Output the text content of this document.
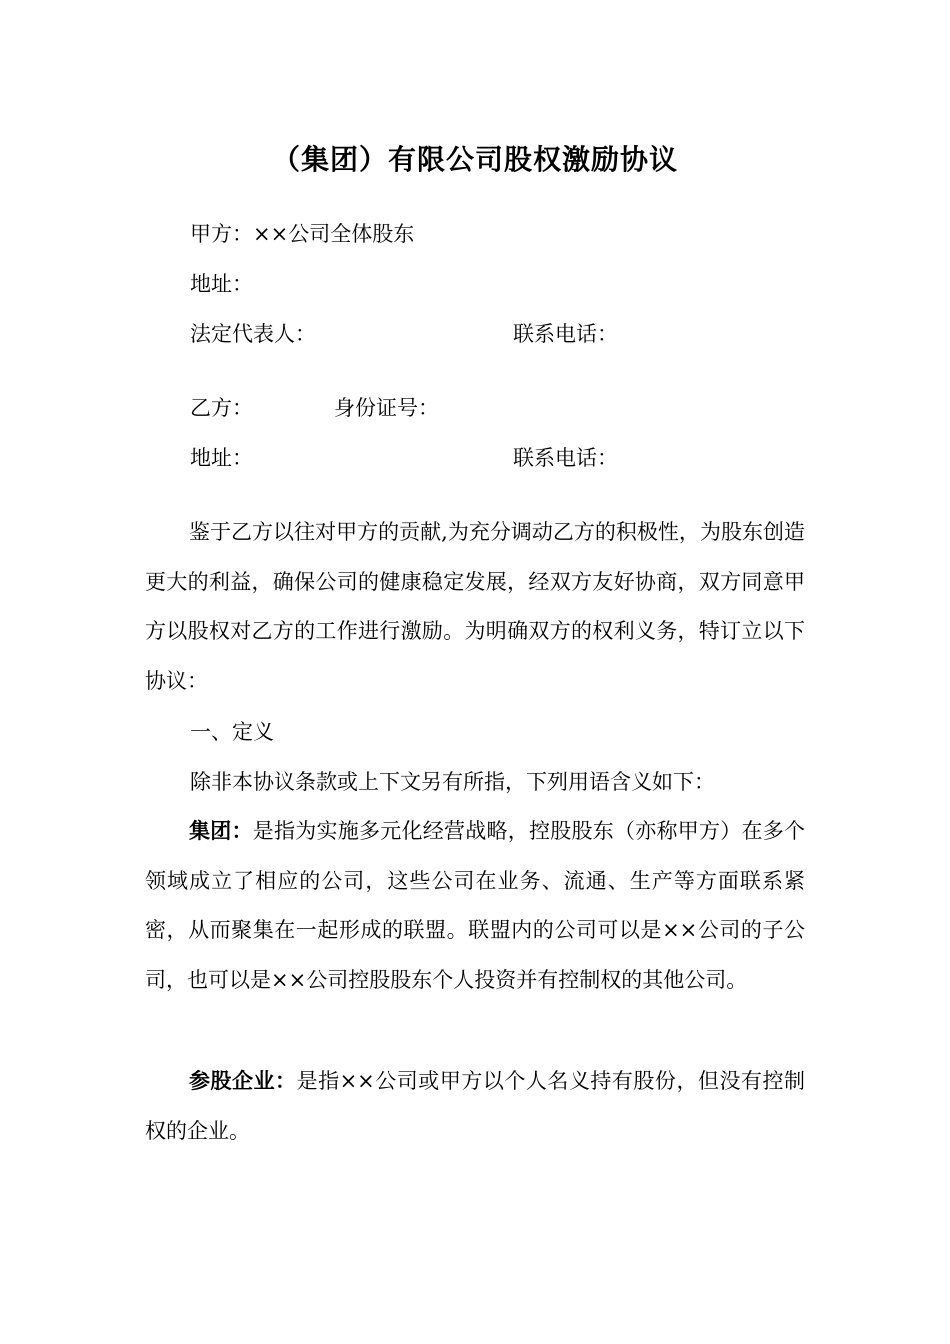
（集团）有限公司股权激励协议
甲方：××公司全体股东
地址：
法定代表人：	联系电话：
乙方：	身份证号：
地址：	联系电话：
鉴于乙方以往对甲方的贡献,为充分调动乙方的积极性，为股东创造更大的利益，确保公司的健康稳定发展，经双方友好协商，双方同意甲方以股权对乙方的工作进行激励。为明确双方的权利义务，特订立以下协议：
一、定义
除非本协议条款或上下文另有所指，下列用语含义如下：
集团：是指为实施多元化经营战略，控股股东（亦称甲方）在多个领域成立了相应的公司，这些公司在业务、流通、生产等方面联系紧密，从而聚集在一起形成的联盟。联盟内的公司可以是××公司的子公司，也可以是××公司控股股东个人投资并有控制权的其他公司。
参股企业：是指××公司或甲方以个人名义持有股份，但没有控制权的企业。
